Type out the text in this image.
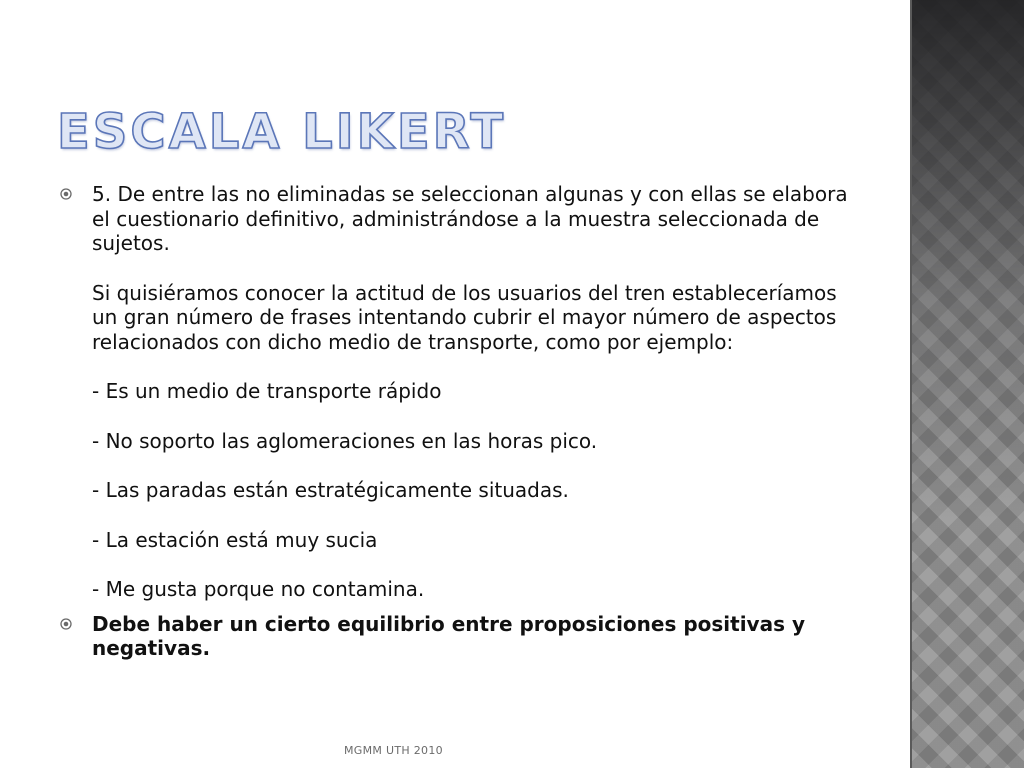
ESCALA LIKERT

5. De entre las no eliminadas se seleccionan algunas y con ellas se elabora el cuestionario definitivo, administrándose a la muestra seleccionada de sujetos.

Si quisiéramos conocer la actitud de los usuarios del tren estableceríamos un gran número de frases intentando cubrir el mayor número de aspectos relacionados con dicho medio de transporte, como por ejemplo:

- Es un medio de transporte rápido

- No soporto las aglomeraciones en las horas pico.

- Las paradas están estratégicamente situadas.

- La estación está muy sucia

- Me gusta porque no contamina.

Debe haber un cierto equilibrio entre proposiciones positivas y negativas.

MGMM UTH 2010
